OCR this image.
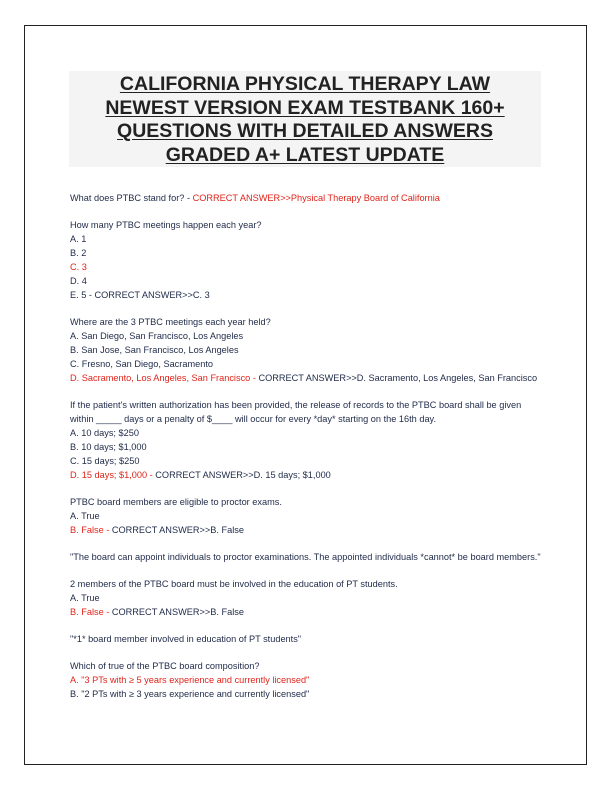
CALIFORNIA PHYSICAL THERAPY LAW
NEWEST VERSION EXAM TESTBANK 160+
QUESTIONS WITH DETAILED ANSWERS
GRADED A+ LATEST UPDATE
What does PTBC stand for? - CORRECT ANSWER>>Physical Therapy Board of California
How many PTBC meetings happen each year?
A. 1
B. 2
C. 3
D. 4
E. 5 - CORRECT ANSWER>>C. 3
Where are the 3 PTBC meetings each year held?
A. San Diego, San Francisco, Los Angeles
B. San Jose, San Francisco, Los Angeles
C. Fresno, San Diego, Sacramento
D. Sacramento, Los Angeles, San Francisco - CORRECT ANSWER>>D. Sacramento, Los Angeles, San Francisco
If the patient's written authorization has been provided, the release of records to the PTBC board shall be given within _____ days or a penalty of $____ will occur for every *day* starting on the 16th day.
A. 10 days; $250
B. 10 days; $1,000
C. 15 days; $250
D. 15 days; $1,000 - CORRECT ANSWER>>D. 15 days; $1,000
PTBC board members are eligible to proctor exams.
A. True
B. False - CORRECT ANSWER>>B. False
"The board can appoint individuals to proctor examinations. The appointed individuals *cannot* be board members."
2 members of the PTBC board must be involved in the education of PT students.
A. True
B. False - CORRECT ANSWER>>B. False
"*1* board member involved in education of PT students"
Which of true of the PTBC board composition?
A. "3 PTs with ≥ 5 years experience and currently licensed"
B. "2 PTs with ≥ 3 years experience and currently licensed"
